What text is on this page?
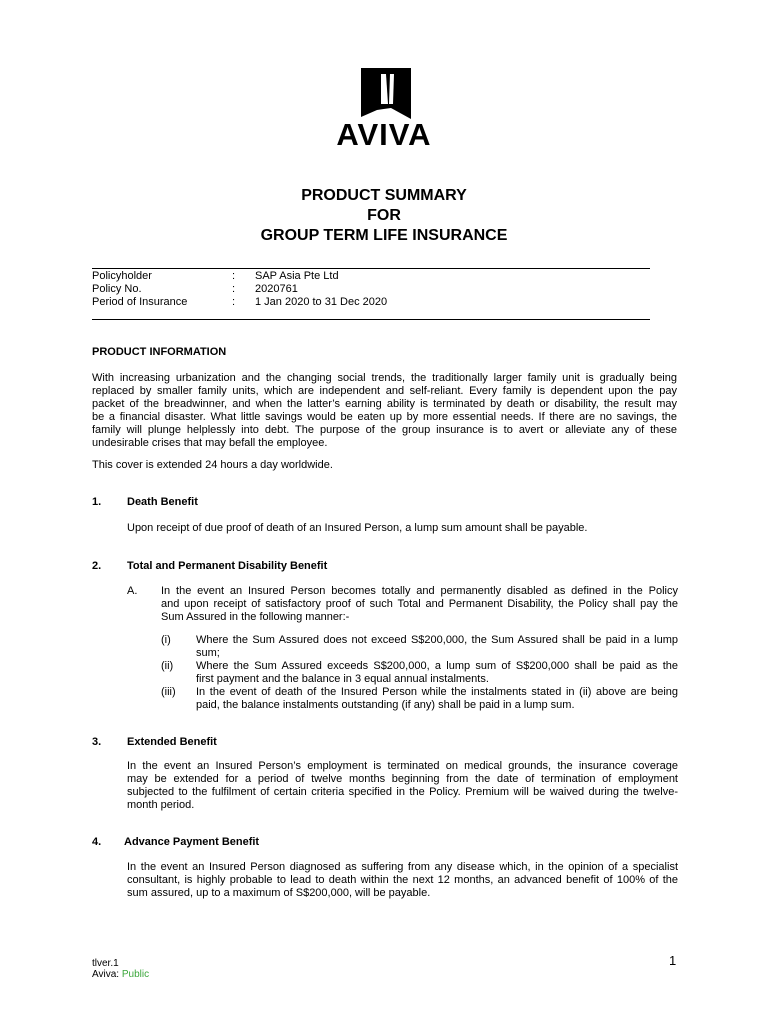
AVIVA
PRODUCT SUMMARY
FOR
GROUP TERM LIFE INSURANCE
Policyholder	: SAP Asia Pte Ltd
Policy No.	: 2020761
Period of Insurance	: 1 Jan 2020 to 31 Dec 2020
PRODUCT INFORMATION
With increasing urbanization and the changing social trends, the traditionally larger family unit is gradually being
replaced by smaller family units, which are independent and self-reliant. Every family is dependent upon the pay
packet of the breadwinner, and when the latter’s earning ability is terminated by death or disability, the result may
be a financial disaster. What little savings would be eaten up by more essential needs. If there are no savings, the
family will plunge helplessly into debt. The purpose of the group insurance is to avert or alleviate any of these
undesirable crises that may befall the employee.
This cover is extended 24 hours a day worldwide.
1. Death Benefit
Upon receipt of due proof of death of an Insured Person, a lump sum amount shall be payable.
2. Total and Permanent Disability Benefit
A. In the event an Insured Person becomes totally and permanently disabled as defined in the Policy
and upon receipt of satisfactory proof of such Total and Permanent Disability, the Policy shall pay the
Sum Assured in the following manner:-
(i) Where the Sum Assured does not exceed S$200,000, the Sum Assured shall be paid in a lump
sum;
(ii) Where the Sum Assured exceeds S$200,000, a lump sum of S$200,000 shall be paid as the
first payment and the balance in 3 equal annual instalments.
(iii) In the event of death of the Insured Person while the instalments stated in (ii) above are being
paid, the balance instalments outstanding (if any) shall be paid in a lump sum.
3. Extended Benefit
In the event an Insured Person’s employment is terminated on medical grounds, the insurance coverage
may be extended for a period of twelve months beginning from the date of termination of employment
subjected to the fulfilment of certain criteria specified in the Policy. Premium will be waived during the twelve-
month period.
4. Advance Payment Benefit
In the event an Insured Person diagnosed as suffering from any disease which, in the opinion of a specialist
consultant, is highly probable to lead to death within the next 12 months, an advanced benefit of 100% of the
sum assured, up to a maximum of S$200,000, will be payable.
tlver.1
Aviva: Public
1
